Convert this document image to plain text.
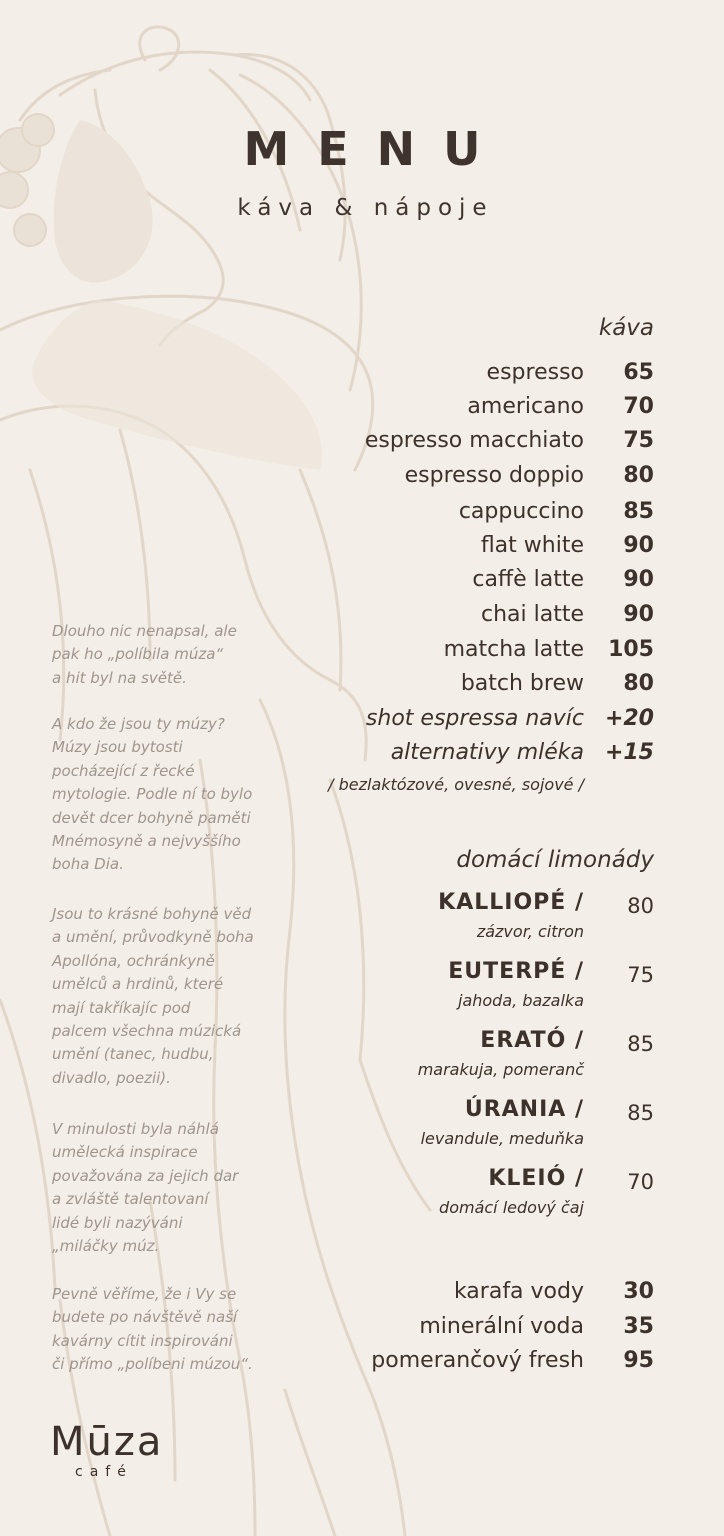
MENU
káva & nápoje
káva
espresso 65
americano 70
espresso macchiato 75
espresso doppio 80
cappuccino 85
flat white 90
caffè latte 90
chai latte 90
matcha latte 105
batch brew 80
shot espressa navíc +20
alternativy mléka +15
/ bezlaktózové, ovesné, sojové /
domácí limonády
KALLIOPÉ / 80
zázvor, citron
EUTERPÉ / 75
jahoda, bazalka
ERATÓ / 85
marakuja, pomeranč
ÚRANIA / 85
levandule, meduňka
KLEIÓ / 70
domácí ledový čaj
karafa vody 30
minerální voda 35
pomerančový fresh 95

Dlouho nic nenapsal, ale
pak ho „políbila múza“
a hit byl na světě.

A kdo že jsou ty múzy?
Múzy jsou bytosti
pocházející z řecké
mytologie. Podle ní to bylo
devět dcer bohyně paměti
Mnémosyně a nejvyššího
boha Dia.

Jsou to krásné bohyně věd
a umění, průvodkyně boha
Apollóna, ochránkyně
umělců a hrdinů, které
mají takříkajíc pod
palcem všechna múzická
umění (tanec, hudbu,
divadlo, poezii).

V minulosti byla náhlá
umělecká inspirace
považována za jejich dar
a zvláště talentovaní
lidé byli nazýváni
„miláčky múz.

Pevně věříme, že i Vy se
budete po návštěvě naší
kavárny cítit inspirováni
či přímo „políbeni múzou“.

Mūza
café
